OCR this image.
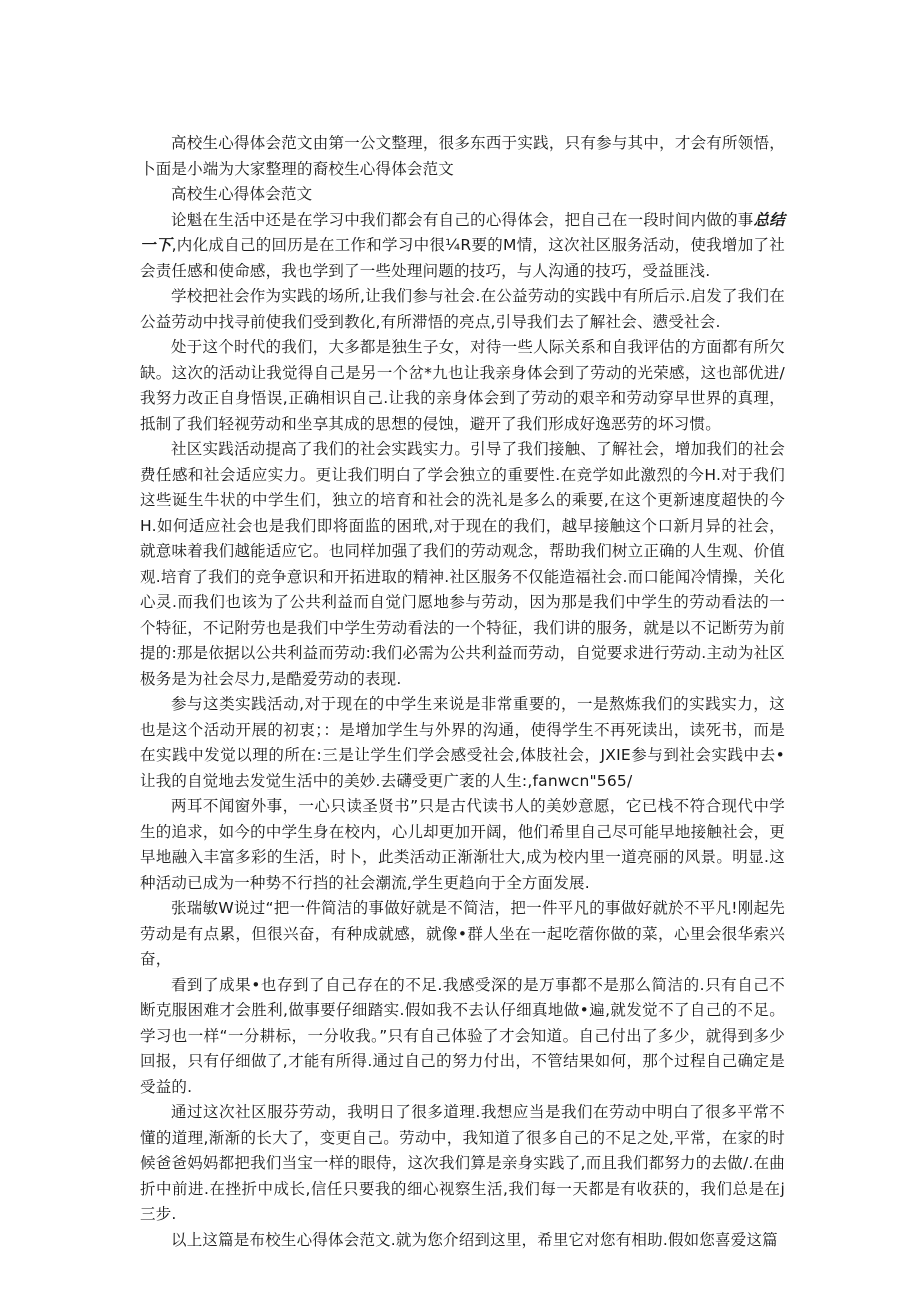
高校生心得体会范文由第一公文整理，很多东西于实践，只有参与其中，才会有所领悟，卜面是小端为大家整理的裔校生心得体会范文

高校生心得体会范文

论魁在生活中还是在学习中我们都会有自己的心得体会，把自己在一段时间内做的事总结一下,内化成自己的回历是在工作和学习中很¼R要的M情，这次社区服务活动，使我增加了社会责任感和使命感，我也学到了一些处理问题的技巧，与人沟通的技巧，受益匪浅.

学校把社会作为实践的场所,让我们参与社会.在公益劳动的实践中有所后示.启发了我们在公益劳动中找寻前使我们受到教化,有所滞悟的亮点,引导我们去了解社会、懑受社会.

处于这个时代的我们，大多都是独生子女，对待一些人际关系和自我评估的方面都有所欠缺。这次的活动让我觉得自己是另一个岔*九也让我亲身体会到了劳动的光荣感，这也部优进/我努力改正自身悟误,正确相识自己.让我的亲身体会到了劳动的艰辛和劳动穿早世界的真理，抵制了我们轻视劳动和坐享其成的思想的侵蚀，避开了我们形成好逸恶劳的坏习惯。

社区实践活动提高了我们的社会实践实力。引导了我们接触、了解社会，增加我们的社会费任感和社会适应实力。更让我们明白了学会独立的重要性.在竞学如此激烈的今H.对于我们这些诞生牛状的中学生们，独立的培育和社会的洗礼是多么的乘要,在这个更新速度超快的今H.如何适应社会也是我们即将面监的困玳,对于现在的我们，越早接触这个口新月异的社会，就意味着我们越能适应它。也同样加强了我们的劳动观念，帮助我们树立正确的人生观、价值观.培育了我们的竞争意识和开拓进取的精神.社区服务不仅能造福社会.而口能闻冷情操，关化心灵.而我们也该为了公共利益而自觉门愿地参与劳动，因为那是我们中学生的劳动看法的一个特征，不记附劳也是我们中学生劳动看法的一个特征，我们讲的服务，就是以不记断劳为前提的:那是依据以公共利益而劳动:我们必需为公共利益而劳动，自觉要求进行劳动.主动为社区极务是为社会尽力,是酷爱劳动的表现.

参与这类实践活动,对于现在的中学生来说是非常重要的，一是熬炼我们的实践实力，这也是这个活动开展的初衷；：是增加学生与外界的沟通，使得学生不再死读出，读死书，而是在实践中发觉以理的所在:三是让学生们学会感受社会,体肢社会，JXIE参与到社会实践中去•让我的自觉地去发觉生活中的美妙.去礴受更广袤的人生:,fanwcn"565/

两耳不闻窗外事，一心只读圣贤书”只是古代读书人的美妙意愿，它已栈不符合现代中学生的追求，如今的中学生身在校内，心儿却更加开阔，他们希里自己尽可能早地接触社会，更早地融入丰富多彩的生活，时卜，此类活动正渐渐壮大,成为校内里一道亮丽的风景。明显.这种活动已成为一种势不行挡的社会潮流,学生更趋向于全方面发展.

张瑞敏W说过“把一件简洁的事做好就是不简洁，把一件平凡的事做好就於不平凡!刚起先劳动是有点累，但很兴奋，有种成就感，就像•群人坐在一起吃蓿你做的菜，心里会很华索兴奋，

看到了成果•也存到了自己存在的不足.我感受深的是万事都不是那么简洁的.只有自己不断克服困难才会胜利,做事要仔细踏实.假如我不去认仔细真地做•遍,就发觉不了自己的不足。学习也一样“一分耕标，一分收我。”只有自己体验了才会知道。自己付出了多少，就得到多少回报，只有仔细做了,才能有所得.通过自己的努力付出，不管结果如何，那个过程自己确定是受益的.

通过这次社区服芬劳动，我明日了很多道理.我想应当是我们在劳动中明白了很多平常不懂的道理,渐渐的长大了，变更自己。劳动中，我知道了很多自己的不足之处,平常，在家的时候爸爸妈妈都把我们当宝一样的眼侍，这次我们算是亲身实践了,而且我们都努力的去做/.在曲折中前进.在挫折中成长,信任只要我的细心视察生活,我们每一天都是有收获的，我们总是在j三步.

以上这篇是布校生心得体会范文.就为您介绍到这里，希里它对您有相助.假如您喜爱这篇
